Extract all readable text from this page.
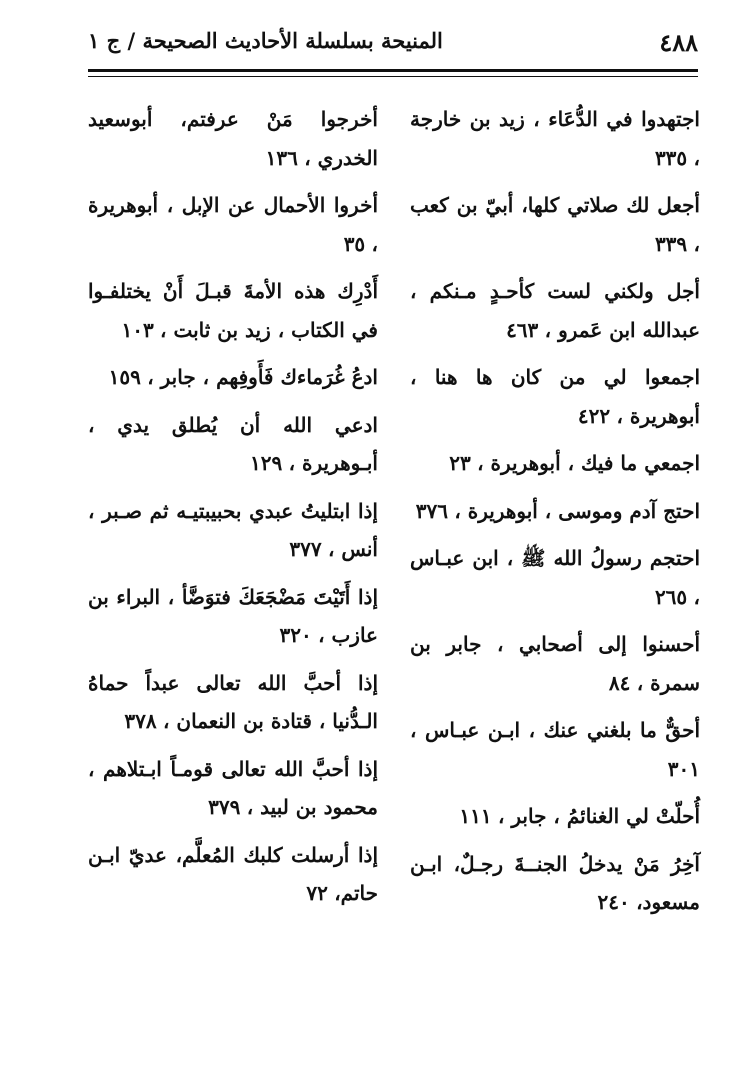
٤٨٨
المنيحة بسلسلة الأحاديث الصحيحة / ج ١
اجتهدوا في الدُّعَاء ، زيد بن خارجة ، ٣٣٥
أجعل لك صلاتي كلها، أبيّ بن كعب ، ٣٣٩
أجل ولكني لست كأحـدٍ مـنكم ، عبدالله ابن عَمرو ، ٤٦٣
اجمعوا لي من كان ها هنا ، أبوهريرة ، ٤٢٢
اجمعي ما فيك ، أبوهريرة ، ٢٣
احتج آدم وموسى ، أبوهريرة ، ٣٧٦
احتجم رسولُ الله ﷺ ، ابن عبـاس ، ٢٦٥
أحسنوا إلى أصحابي ، جابر بن سمرة ، ٨٤
أحقٌّ ما بلغني عنك ، ابـن عبـاس ، ٣٠١
أُحلّتْ لي الغنائمُ ، جابر ، ١١١
آخِرُ مَنْ يدخلُ الجنــةَ رجـلٌ، ابـن مسعود، ٢٤٠
أخرجوا مَنْ عرفتم، أبوسعيد الخدري ، ١٣٦
أخروا الأحمال عن الإبل ، أبوهريرة ، ٣٥
أَدْرِك هذه الأمةَ قبـلَ أَنْ يختلفـوا في الكتاب ، زيد بن ثابت ، ١٠٣
ادعُ غُرَماءك فَأَوفِهم ، جابر ، ١٥٩
ادعي الله أن يُطلق يدي ، أبـوهريرة ، ١٢٩
إذا ابتليتُ عبدي بحبيبتيـه ثم صـبر ، أنس ، ٣٧٧
إذا أَتَيْتَ مَضْجَعَكَ فتوَضَّأ ، البراء بن عازب ، ٣٢٠
إذا أحبَّ الله تعالى عبداً حماهُ الـدُّنيا ، قتادة بن النعمان ، ٣٧٨
إذا أحبَّ الله تعالى قومـاً ابـتلاهم ، محمود بن لبيد ، ٣٧٩
إذا أرسلت كلبك المُعلَّم، عديّ ابـن حاتم، ٧٢
